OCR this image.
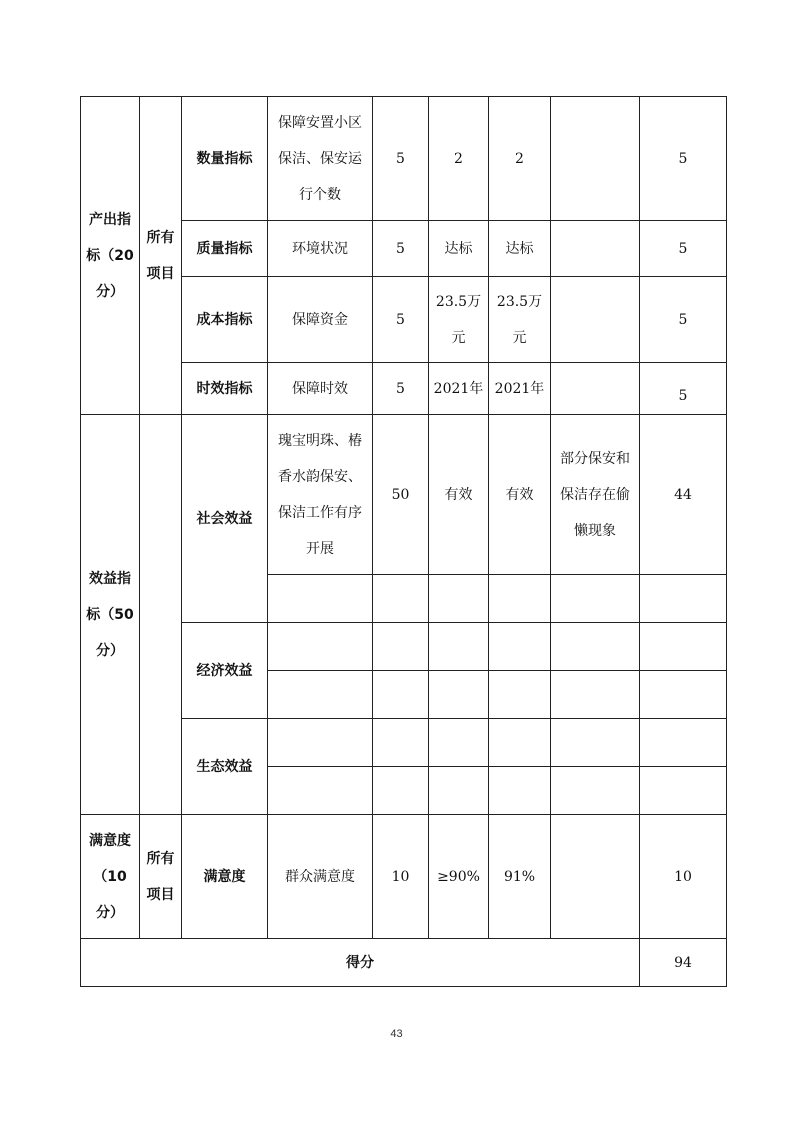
产出指标（20分）	所有项目	数量指标	保障安置小区保洁、保安运行个数	5	2	2		5
		质量指标	环境状况	5	达标	达标		5
		成本指标	保障资金	5	23.5万元	23.5万元		5
		时效指标	保障时效	5	2021年	2021年		5
效益指标（50分）		社会效益	瑰宝明珠、椿香水韵保安、保洁工作有序开展	50	有效	有效	部分保安和保洁存在偷懒现象	44

		经济效益						

		生态效益						

满意度（10分）	所有项目	满意度	群众满意度	10	≥90%	91%		10
得分								94
43
